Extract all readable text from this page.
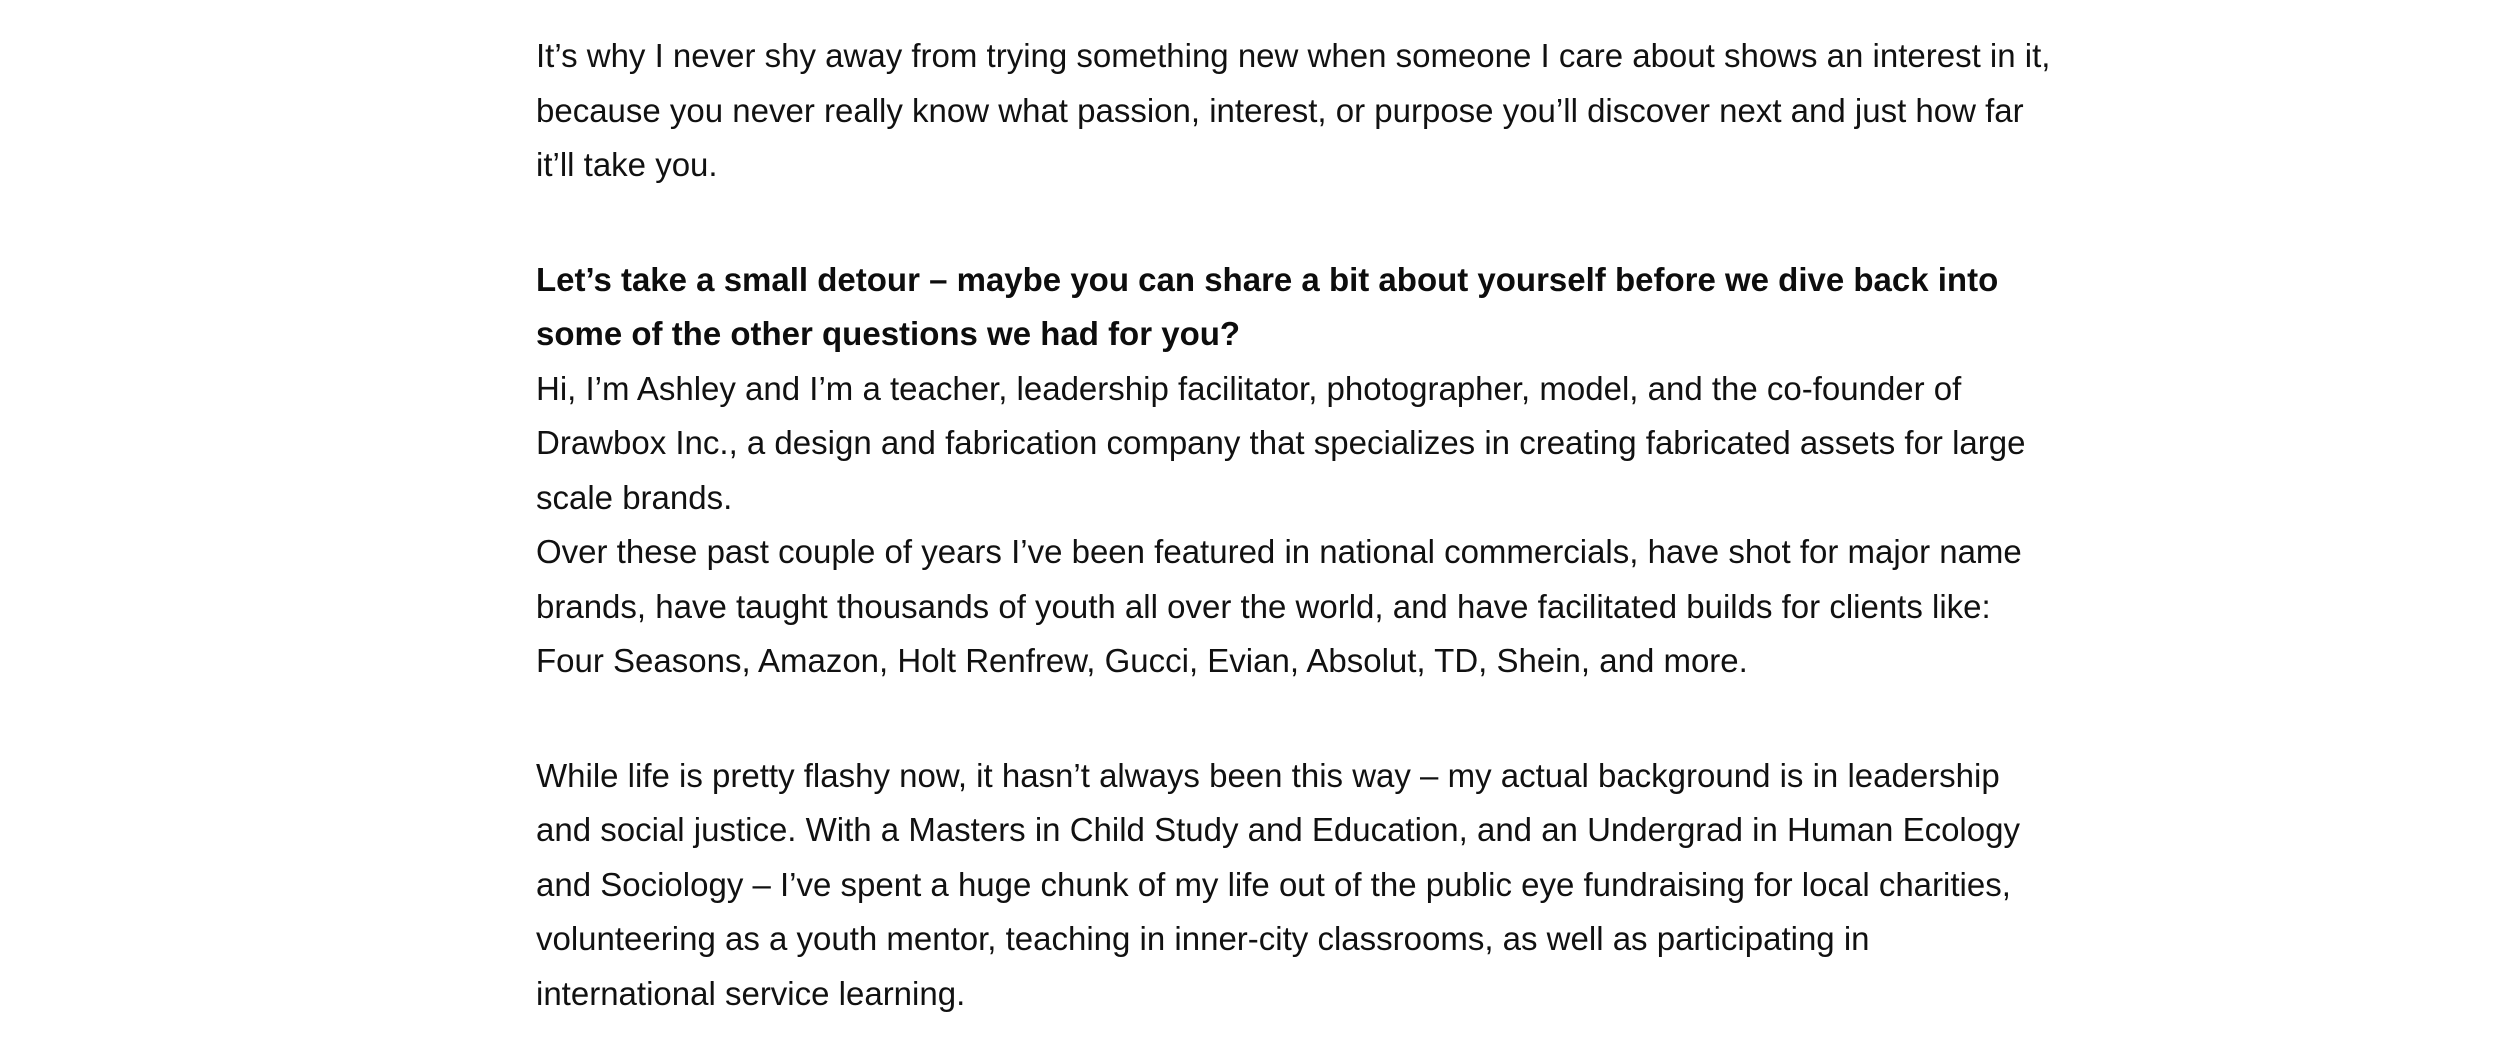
It’s why I never shy away from trying something new when someone I care about shows an interest in it, because you never really know what passion, interest, or purpose you’ll discover next and just how far it’ll take you.

Let’s take a small detour – maybe you can share a bit about yourself before we dive back into some of the other questions we had for you?

Hi, I’m Ashley and I’m a teacher, leadership facilitator, photographer, model, and the co-founder of Drawbox Inc., a design and fabrication company that specializes in creating fabricated assets for large scale brands.

Over these past couple of years I’ve been featured in national commercials, have shot for major name brands, have taught thousands of youth all over the world, and have facilitated builds for clients like: Four Seasons, Amazon, Holt Renfrew, Gucci, Evian, Absolut, TD, Shein, and more.

While life is pretty flashy now, it hasn’t always been this way – my actual background is in leadership and social justice. With a Masters in Child Study and Education, and an Undergrad in Human Ecology and Sociology – I’ve spent a huge chunk of my life out of the public eye fundraising for local charities, volunteering as a youth mentor, teaching in inner-city classrooms, as well as participating in international service learning.
